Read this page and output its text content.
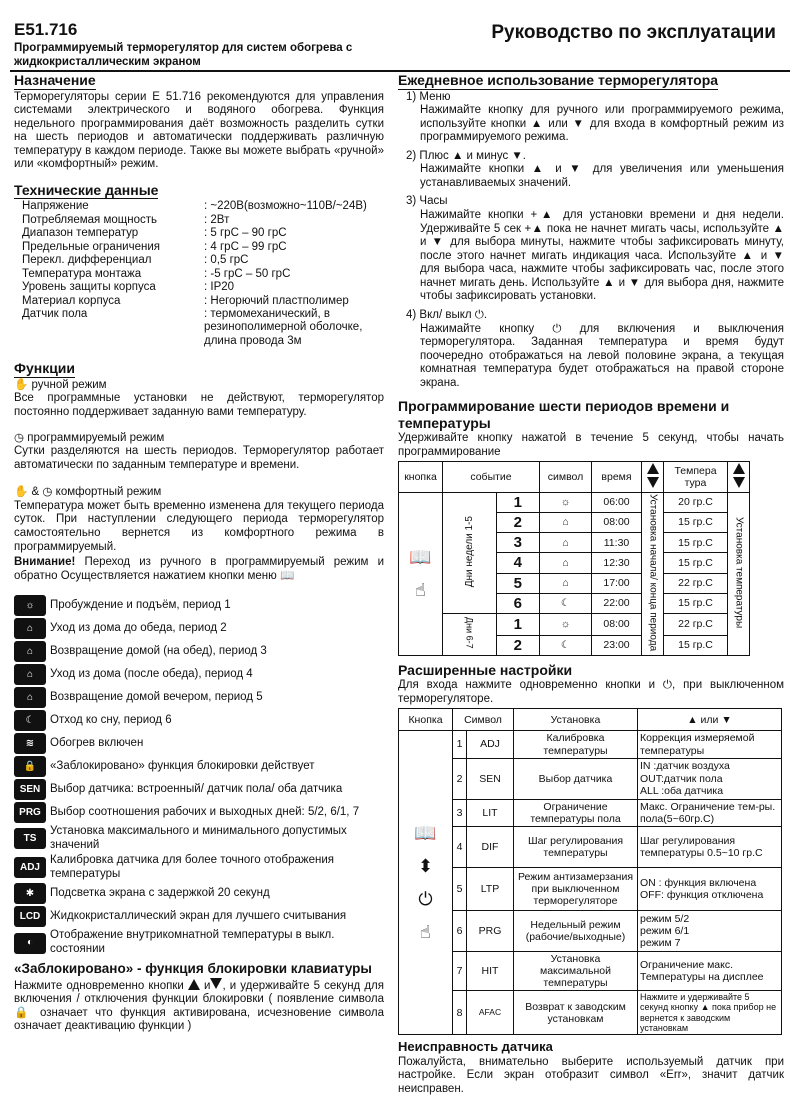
E51.716
Программируемый терморегулятор для систем обогрева с жидкокристаллическим экраном
Руководство по эксплуатации
Назначение

Терморегуляторы серии Е 51.716 рекомендуются для управления системами электрического и водяного обогрева. Функция недельного программирования даёт возможность разделить сутки на шесть периодов и автоматически поддерживать различную температуру в каждом периоде. Также вы можете выбрать «ручной» или «комфортный» режим.

Технические данные
Напряжение	: ~220В(возможно~110В/~24В)
Потребляемая мощность	: 2Вт
Диапазон температур	: 5 грС – 90 грС
Предельные ограничения	: 4 грС – 99 грС
Перекл. дифференциал	: 0,5 грС
Температура монтажа	: -5 грС – 50 грС
Уровень защиты корпуса	: IP20
Материал корпуса	: Негорючий пластполимер
Датчик пола	: термомеханический, в резинополимерной оболочке, длина провода 3м
Функции
✋ ручной режим

Все программные установки не действуют, терморегулятор постоянно поддерживает заданную вами температуру.

◷ программируемый режим

Сутки разделяются на шесть периодов. Терморегулятор работает автоматически по заданным температуре и времени.

✋ & ◷ комфортный режим

Температура может быть временно изменена для текущего периода суток. При наступлении следующего периода терморегулятор самостоятельно вернется из комфортного режима в программируемый.

Внимание! Переход из ручного в программируемый режим и обратно Осуществляется нажатием кнопки меню 📖

☼	Пробуждение и подъём, период 1
⌂	Уход из дома до обеда, период 2
⌂	Возвращение домой (на обед), период 3
⌂	Уход из дома (после обеда), период 4
⌂	Возвращение домой вечером, период 5
☾	Отход ко сну, период 6
≋	Обогрев включен
🔒	«Заблокировано» функция блокировки действует
SEN Выбор датчика: встроенный/ датчик пола/ оба датчика
PRG Выбор соотношения рабочих и выходных дней: 5/2, 6/1, 7
TS
Установка максимального и минимального допустимых значений
ADJ
Калибровка датчика для более точного отображения температуры
✱	Подсветка экрана с задержкой 20 секунд
LCD Жидкокристаллический экран для лучшего считывания
◐
Отображение внутрикомнатной температуры в выкл. состоянии
«Заблокировано» - функция блокировки клавиатуры

Нажмите одновременно кнопки и , и удерживайте 5 секунд для включения / отключения функции блокировки ( появление символа 🔒 означает что функция активирована, исчезновение символа означает деактивацию функции )

Ежедневное использование терморегулятора
1) Меню

Нажимайте кнопку для ручного или программируемого режима, используйте кнопки ▲ или ▼ для входа в комфортный режим из программируемого режима.

2) Плюс ▲ и минус ▼.

Нажимайте кнопки ▲ и ▼ для увеличения или уменьшения устанавливаемых значений.

3) Часы

Нажимайте кнопки +▲ для установки времени и дня недели. Удерживайте 5 сек +▲ пока не начнет мигать часы, используйте ▲ и ▼ для выбора минуты, нажмите чтобы зафиксировать минуту, после этого начнет мигать индикация часа. Используйте ▲ и ▼ для выбора часа, нажмите чтобы зафиксировать час, после этого начнет мигать день. Используйте ▲ и ▼ для выбора дня, нажмите чтобы зафиксировать установки.

4) Вкл/ выкл ⏻.

Нажимайте кнопку ⏻ для включения и выключения терморегулятора. Заданная температура и время будут поочередно отображаться на левой половине экрана, а текущая комнатная температура будет отображаться на правой стороне экрана.

Программирование шести периодов времени и температуры

Удерживайте кнопку нажатой в течение 5 секунд, чтобы начать программирование

кнопка	событие		символ	время		Темпера тура	

📖
☝	Дни недели 1-5	1	☼	06:00	Установка начала/ конца периода	20 гр.С	Установка температуры
		2	⌂	08:00		15 гр.С	
		3	⌂	11:30		15 гр.С	
		4	⌂	12:30		15 гр.С	
		5	⌂	17:00		22 гр.С	
		6	☾	22:00		15 гр.С	
	Дни 6-7	1	☼	08:00		22 гр.С	
		2	☾	23:00		15 гр.С	
Расширенные настройки

Для входа нажмите одновременно кнопки и ⏻, при выключенном терморегуляторе.

Кнопка	Символ		Установка	▲ или ▼

📖
⬍
⏻
☝	1	ADJ	Калибровка температуры	Коррекция измеряемой температуры
	2	SEN	Выбор датчика	IN :датчик воздуха
OUT:датчик пола
ALL :оба датчика
	3	LIT	Ограничение температуры пола	Макс. Ограничение тем-ры. пола(5~60гр.С)
	4	DIF	Шаг регулирования температуры	Шаг регулирования температуры 0.5~10 гр.С
	5	LTP	Режим антизамерзания при выключенном терморегуляторе	ON : функция включена
OFF: функция отключена
	6	PRG	Недельный режим (рабочие/выходные)	режим 5/2
режим 6/1
режим 7
	7	HIT	Установка максимальной температуры	Ограничение макс. Температуры на дисплее
	8	AFAC	Возврат к заводским установкам	Нажмите и удерживайте 5 секунд кнопку ▲ пока прибор не вернется к заводским установкам
Неисправность датчика

Пожалуйста, внимательно выберите используемый датчик при настройке. Если экран отобразит символ «Err», значит датчик неисправен.
